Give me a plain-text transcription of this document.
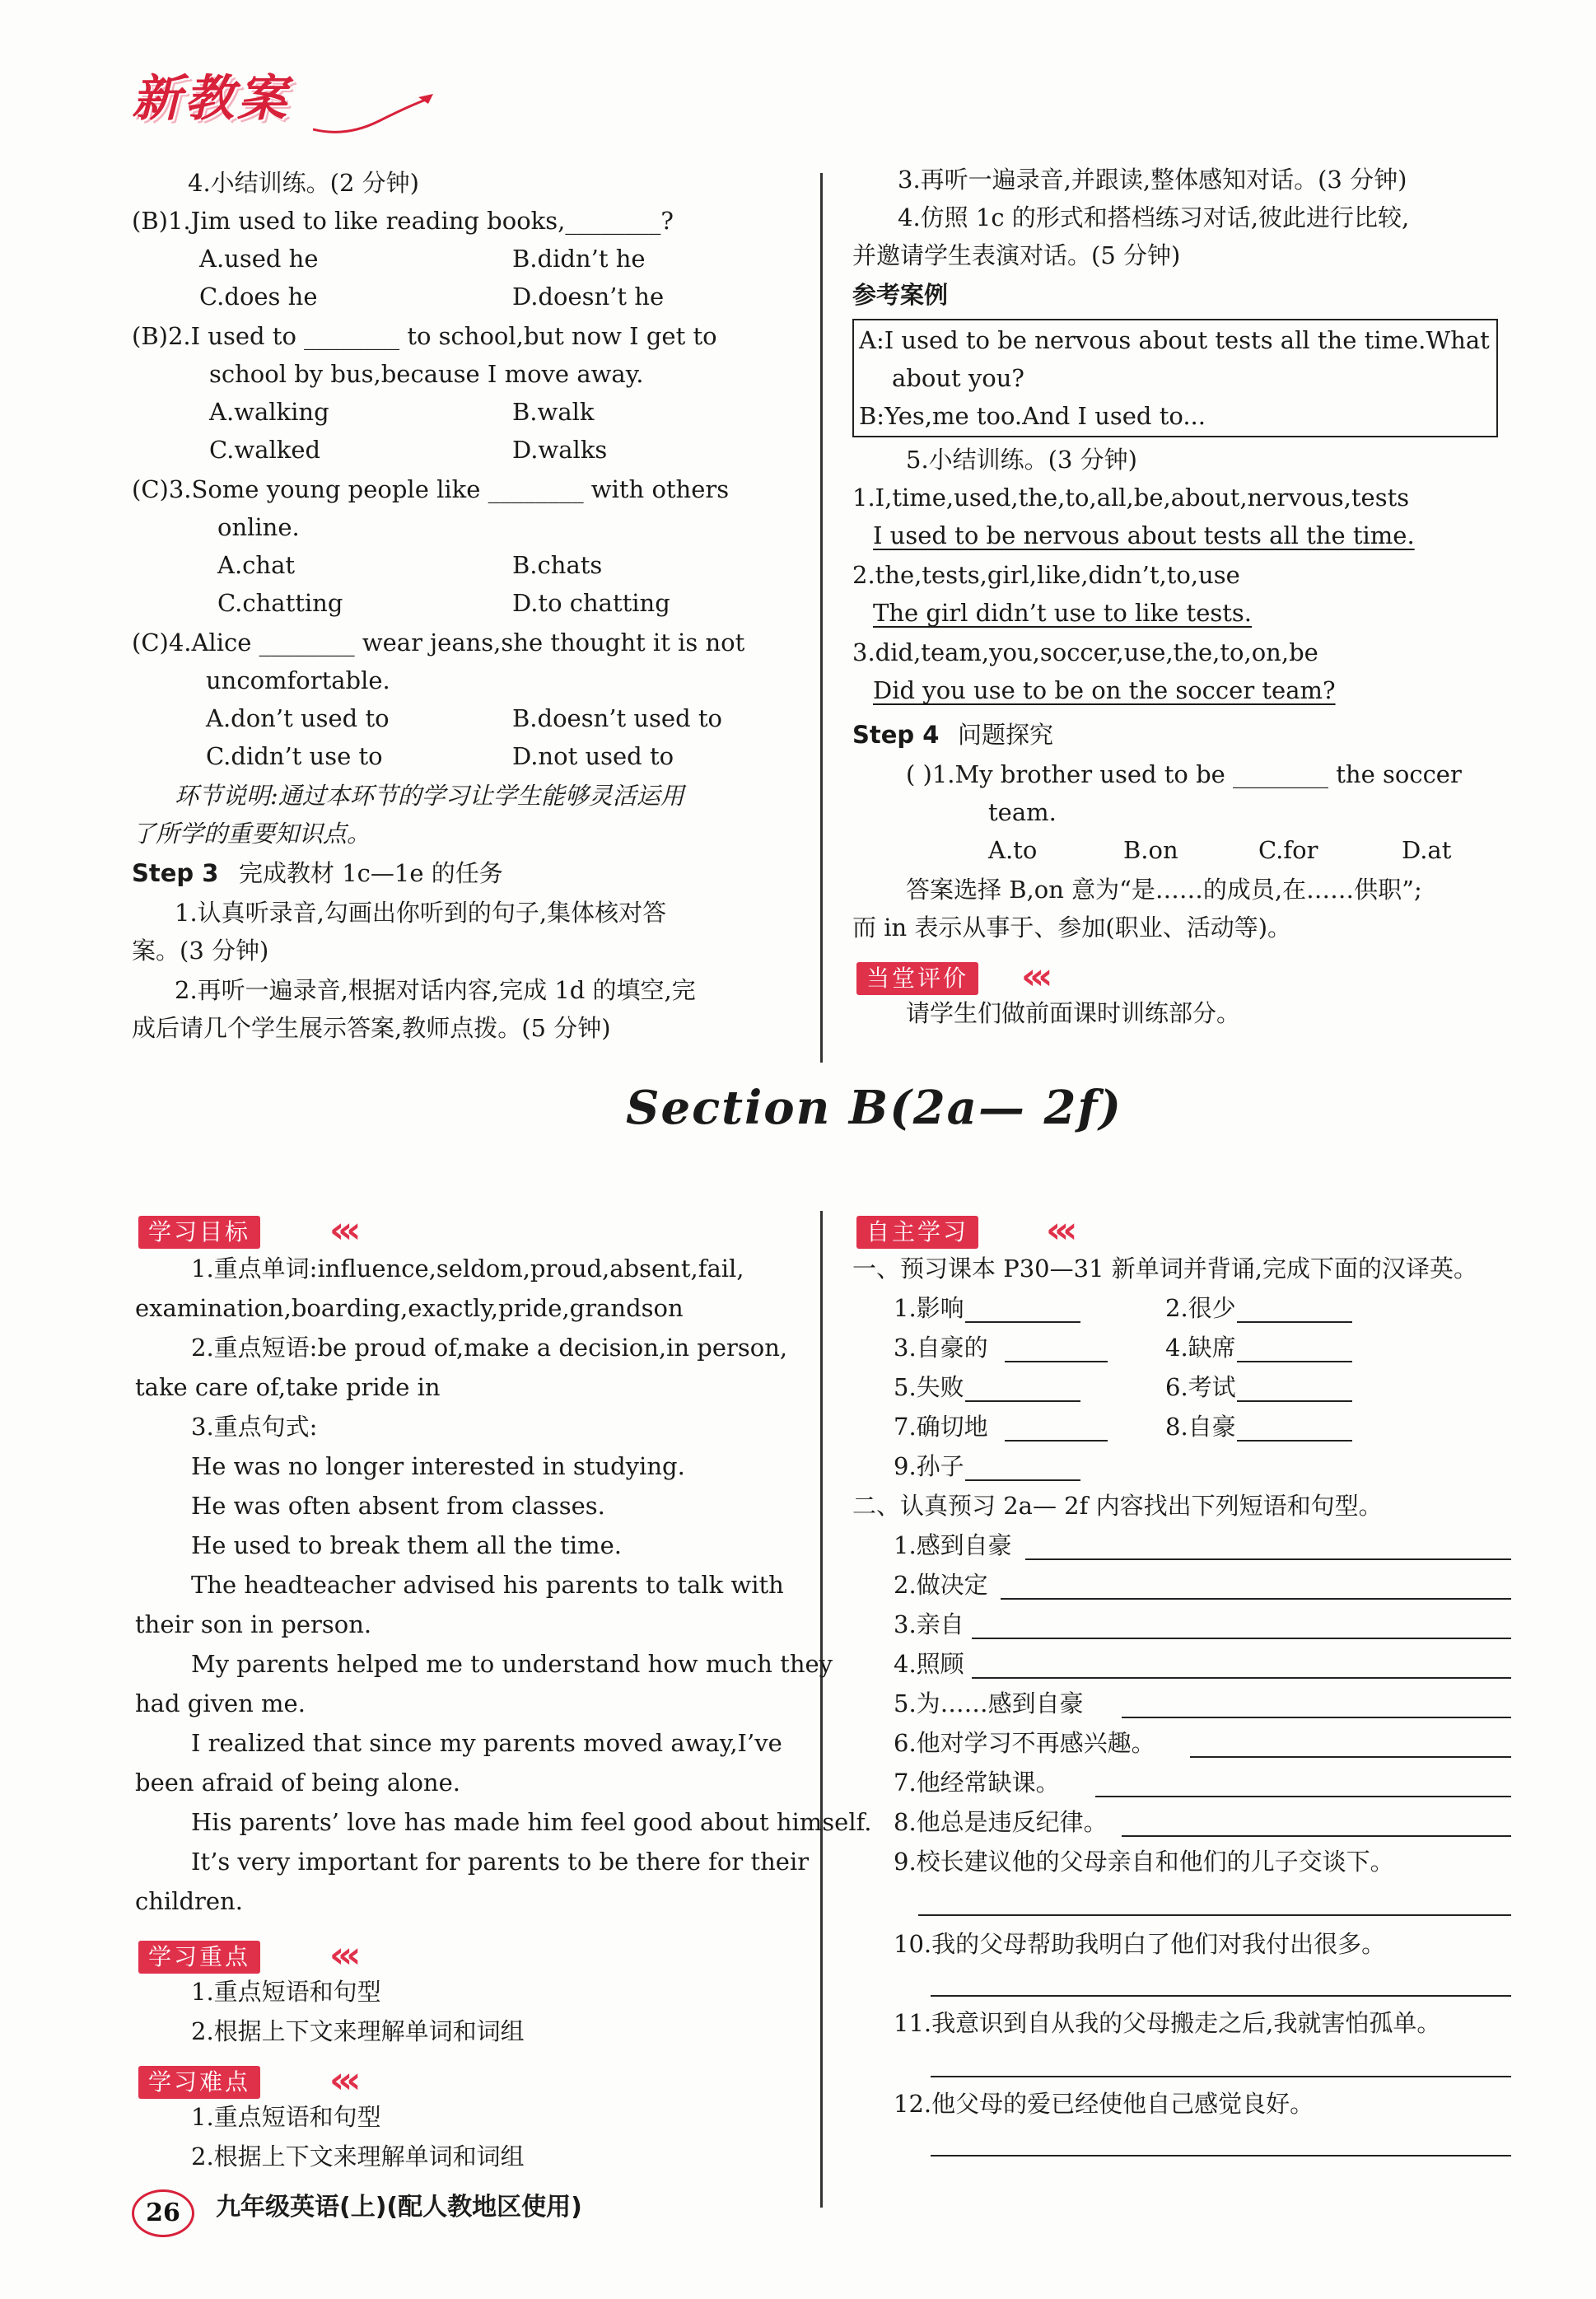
新教案
4.小结训练。(2 分钟)
(B)1.Jim used to like reading books,________?
A.used he	B.didn’t he
C.does he	D.doesn’t he
(B)2.I used to ________ to school,but now I get to
school by bus,because I move away.
A.walking	B.walk
C.walked	D.walks
(C)3.Some young people like ________ with others
online.
A.chat	B.chats
C.chatting	D.to chatting
(C)4.Alice ________ wear jeans,she thought it is not
uncomfortable.
A.don’t used to	B.doesn’t used to
C.didn’t use to	D.not used to
环节说明:通过本环节的学习让学生能够灵活运用
了所学的重要知识点。
Step 3 完成教材 1c—1e 的任务
1.认真听录音,勾画出你听到的句子,集体核对答
案。(3 分钟)
2.再听一遍录音,根据对话内容,完成 1d 的填空,完
成后请几个学生展示答案,教师点拨。(5 分钟)
3.再听一遍录音,并跟读,整体感知对话。(3 分钟)
4.仿照 1c 的形式和搭档练习对话,彼此进行比较,
并邀请学生表演对话。(5 分钟)
参考案例
A:I used to be nervous about tests all the time.What
about you?
B:Yes,me too.And I used to...
5.小结训练。(3 分钟)
1.I,time,used,the,to,all,be,about,nervous,tests
I used to be nervous about tests all the time.
2.the,tests,girl,like,didn’t,to,use
The girl didn’t use to like tests.
3.did,team,you,soccer,use,the,to,on,be
Did you use to be on the soccer team?
Step 4 问题探究
( )1.My brother used to be ________ the soccer
team.
A.to	B.on	C.for	D.at
答案选择 B,on 意为“是……的成员,在……供职”;
而 in 表示从事于、参加(职业、活动等)。
当堂评价 ‹‹‹
请学生们做前面课时训练部分。
Section B(2a— 2f)
学习目标 ‹‹‹
1.重点单词:influence,seldom,proud,absent,fail,
examination,boarding,exactly,pride,grandson
2.重点短语:be proud of,make a decision,in person,
take care of,take pride in
3.重点句式:
He was no longer interested in studying.
He was often absent from classes.
He used to break them all the time.
The headteacher advised his parents to talk with
their son in person.
My parents helped me to understand how much they
had given me.
I realized that since my parents moved away,I’ve
been afraid of being alone.
His parents’ love has made him feel good about himself.
It’s very important for parents to be there for their
children.
学习重点 ‹‹‹
1.重点短语和句型
2.根据上下文来理解单词和词组
学习难点 ‹‹‹
1.重点短语和句型
2.根据上下文来理解单词和词组
自主学习 ‹‹‹
一、预习课本 P30—31 新单词并背诵,完成下面的汉译英。
1.影响	2.很少
3.自豪的	4.缺席
5.失败	6.考试
7.确切地	8.自豪
9.孙子
二、认真预习 2a— 2f 内容找出下列短语和句型。
1.感到自豪
2.做决定
3.亲自
4.照顾
5.为……感到自豪
6.他对学习不再感兴趣。
7.他经常缺课。
8.他总是违反纪律。
9.校长建议他的父母亲自和他们的儿子交谈下。
10.我的父母帮助我明白了他们对我付出很多。
11.我意识到自从我的父母搬走之后,我就害怕孤单。
12.他父母的爱已经使他自己感觉良好。
26	九年级英语(上)(配人教地区使用)
